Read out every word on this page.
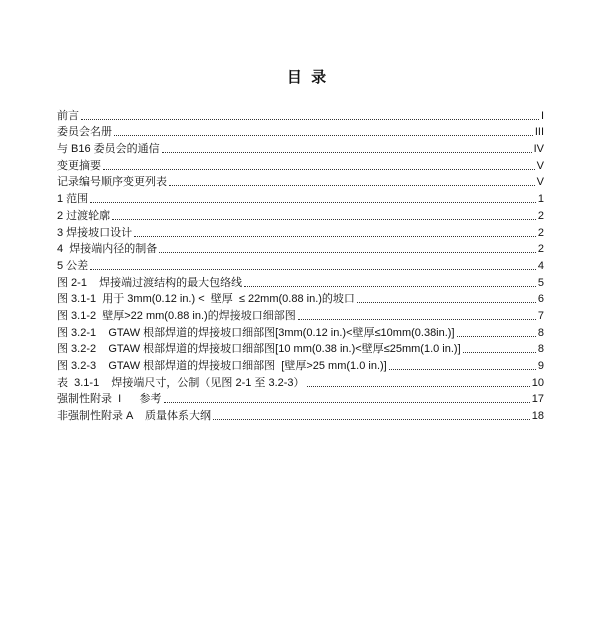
目 录
前言	I
委员会名册	III
与 B16 委员会的通信	IV
变更摘要	V
记录编号顺序变更列表	V
1 范围	1
2 过渡轮廓	2
3 焊接坡口设计	2
4  焊接端内径的制备	2
5 公差	4
图 2-1    焊接端过渡结构的最大包络线	5
图 3.1-1  用于 3mm(0.12 in.) <  壁厚  ≤ 22mm(0.88 in.)的坡口	6
图 3.1-2  壁厚>22 mm(0.88 in.)的焊接坡口细部图	7
图 3.2-1    GTAW 根部焊道的焊接坡口细部图[3mm(0.12 in.)<壁厚≤10mm(0.38in.)]	8
图 3.2-2    GTAW 根部焊道的焊接坡口细部图[10 mm(0.38 in.)<壁厚≤25mm(1.0 in.)]	8
图 3.2-3    GTAW 根部焊道的焊接坡口细部图  [壁厚>25 mm(1.0 in.)]	9
表  3.1-1    焊接端尺寸，公制（见图 2-1 至 3.2-3）	10
强制性附录  I      参考	17
非强制性附录 A    质量体系大纲	18
